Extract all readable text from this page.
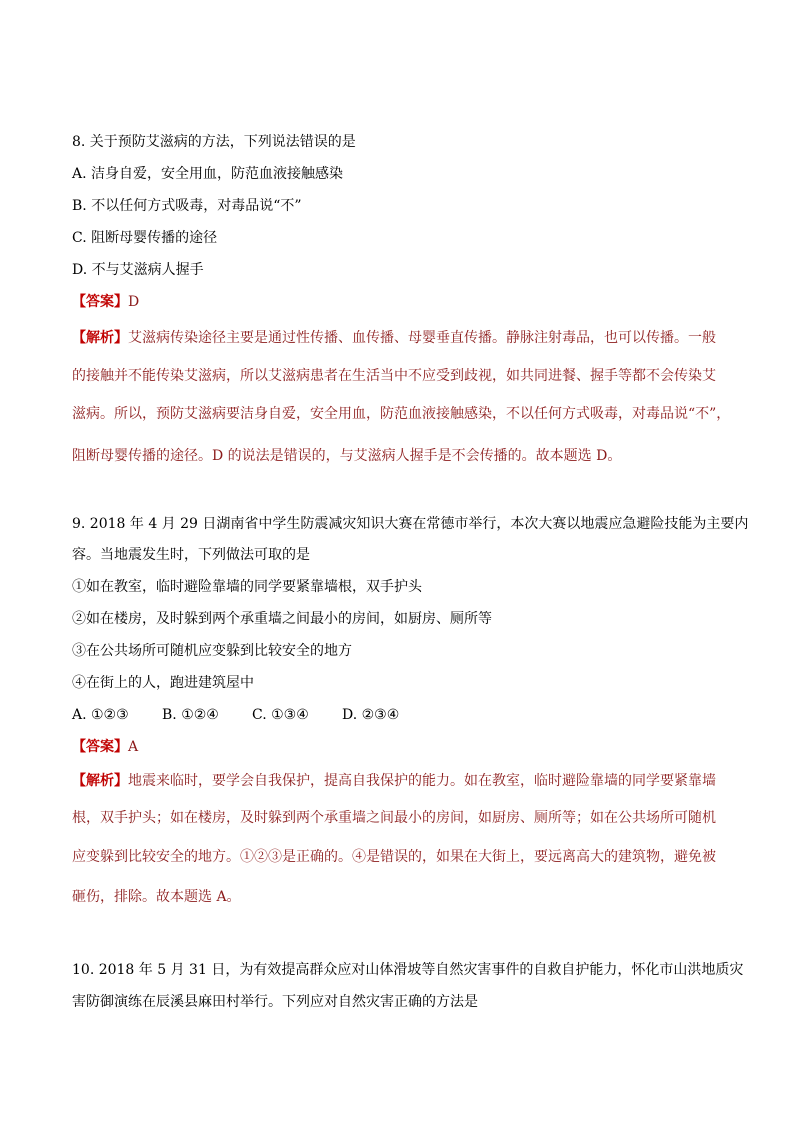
8. 关于预防艾滋病的方法，下列说法错误的是
A. 洁身自爱，安全用血，防范血液接触感染
B. 不以任何方式吸毒，对毒品说“不”
C. 阻断母婴传播的途径
D. 不与艾滋病人握手
【答案】D
【解析】艾滋病传染途径主要是通过性传播、血传播、母婴垂直传播。静脉注射毒品，也可以传播。一般
的接触并不能传染艾滋病，所以艾滋病患者在生活当中不应受到歧视，如共同进餐、握手等都不会传染艾
滋病。所以，预防艾滋病要洁身自爱，安全用血，防范血液接触感染，不以任何方式吸毒，对毒品说“不”，
阻断母婴传播的途径。D 的说法是错误的，与艾滋病人握手是不会传播的。故本题选 D。
9. 2018 年 4 月 29 日湖南省中学生防震减灾知识大赛在常德市举行，本次大赛以地震应急避险技能为主要内
容。当地震发生时，下列做法可取的是
①如在教室，临时避险靠墙的同学要紧靠墙根，双手护头
②如在楼房，及时躲到两个承重墙之间最小的房间，如厨房、厕所等
③在公共场所可随机应变躲到比较安全的地方
④在街上的人，跑进建筑屋中
A. ①②③ B. ①②④ C. ①③④ D. ②③④
【答案】A
【解析】地震来临时，要学会自我保护，提高自我保护的能力。如在教室，临时避险靠墙的同学要紧靠墙
根，双手护头；如在楼房，及时躲到两个承重墙之间最小的房间，如厨房、厕所等；如在公共场所可随机
应变躲到比较安全的地方。①②③是正确的。④是错误的，如果在大街上，要远离高大的建筑物，避免被
砸伤，排除。故本题选 A。
10. 2018 年 5 月 31 日，为有效提高群众应对山体滑坡等自然灾害事件的自救自护能力，怀化市山洪地质灾
害防御演练在辰溪县麻田村举行。下列应对自然灾害正确的方法是
